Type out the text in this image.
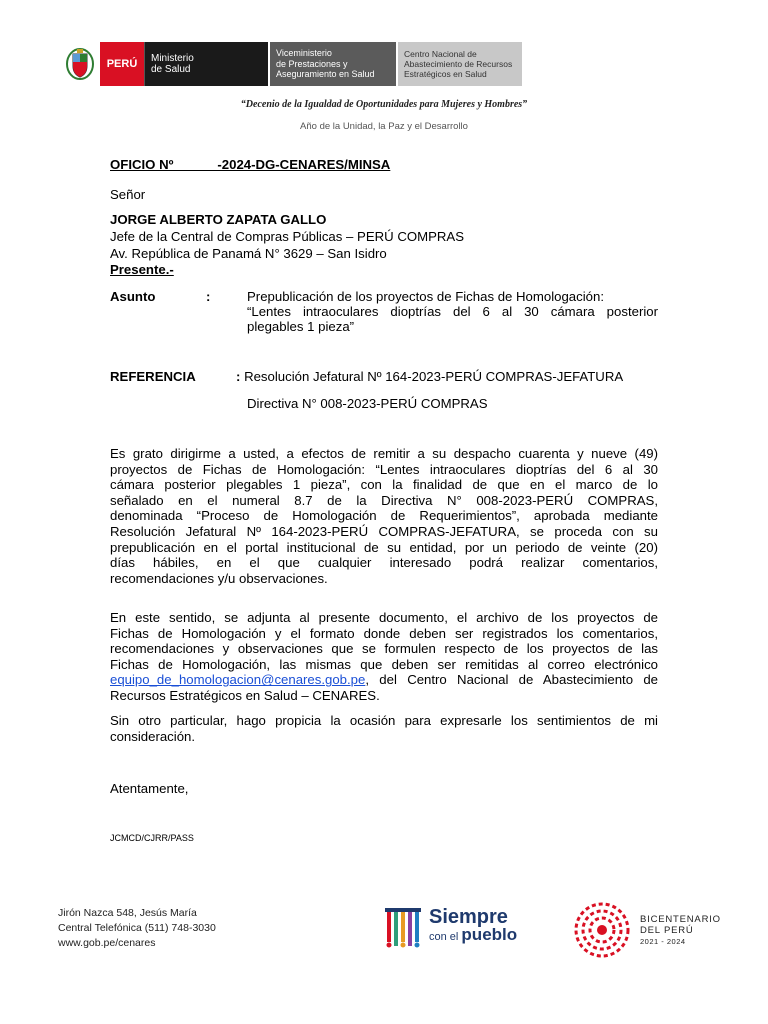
PERÚ	Ministerio
de Salud
Viceministerio
de Prestaciones y
Aseguramiento en Salud
Centro Nacional de
Abastecimiento de Recursos
Estratégicos en Salud
“Decenio de la Igualdad de Oportunidades para Mujeres y Hombres”
Año de la Unidad, la Paz y el Desarrollo
OFICIO Nº            -2024-DG-CENARES/MINSA
Señor
JORGE ALBERTO ZAPATA GALLO
Jefe de la Central de Compras Públicas – PERÚ COMPRAS
Av. República de Panamá N° 3629 – San Isidro
Presente.-
Asunto	:	Prepublicación de los proyectos de Fichas de Homologación:
“Lentes intraoculares dioptrías del 6 al 30 cámara posterior
plegables 1 pieza”
REFERENCIA	: Resolución Jefatural Nº 164-2023-PERÚ COMPRAS-JEFATURA
Directiva N° 008-2023-PERÚ COMPRAS
Es grato dirigirme a usted, a efectos de remitir a su despacho cuarenta y nueve (49)
proyectos de Fichas de Homologación: “Lentes intraoculares dioptrías del 6 al 30
cámara posterior plegables 1 pieza”, con la finalidad de que en el marco de lo
señalado en el numeral 8.7 de la Directiva N° 008-2023-PERÚ COMPRAS,
denominada “Proceso de Homologación de Requerimientos”, aprobada mediante
Resolución Jefatural Nº 164-2023-PERÚ COMPRAS-JEFATURA, se proceda con su
prepublicación en el portal institucional de su entidad, por un periodo de veinte (20)
días hábiles, en el que cualquier interesado podrá realizar comentarios,
recomendaciones y/u observaciones.
En este sentido, se adjunta al presente documento, el archivo de los proyectos de
Fichas de Homologación y el formato donde deben ser registrados los comentarios,
recomendaciones y observaciones que se formulen respecto de los proyectos de las
Fichas de Homologación, las mismas que deben ser remitidas al correo electrónico
equipo_de_homologacion@cenares.gob.pe, del Centro Nacional de Abastecimiento de
Recursos Estratégicos en Salud – CENARES.
Sin otro particular, hago propicia la ocasión para expresarle los sentimientos de mi
consideración.
Atentamente,
JCMCD/CJRR/PASS
Jirón Nazca 548, Jesús María
Central Telefónica (511) 748-3030
www.gob.pe/cenares
Siempre
con el pueblo
BICENTENARIO
DEL PERÚ
2021 - 2024
